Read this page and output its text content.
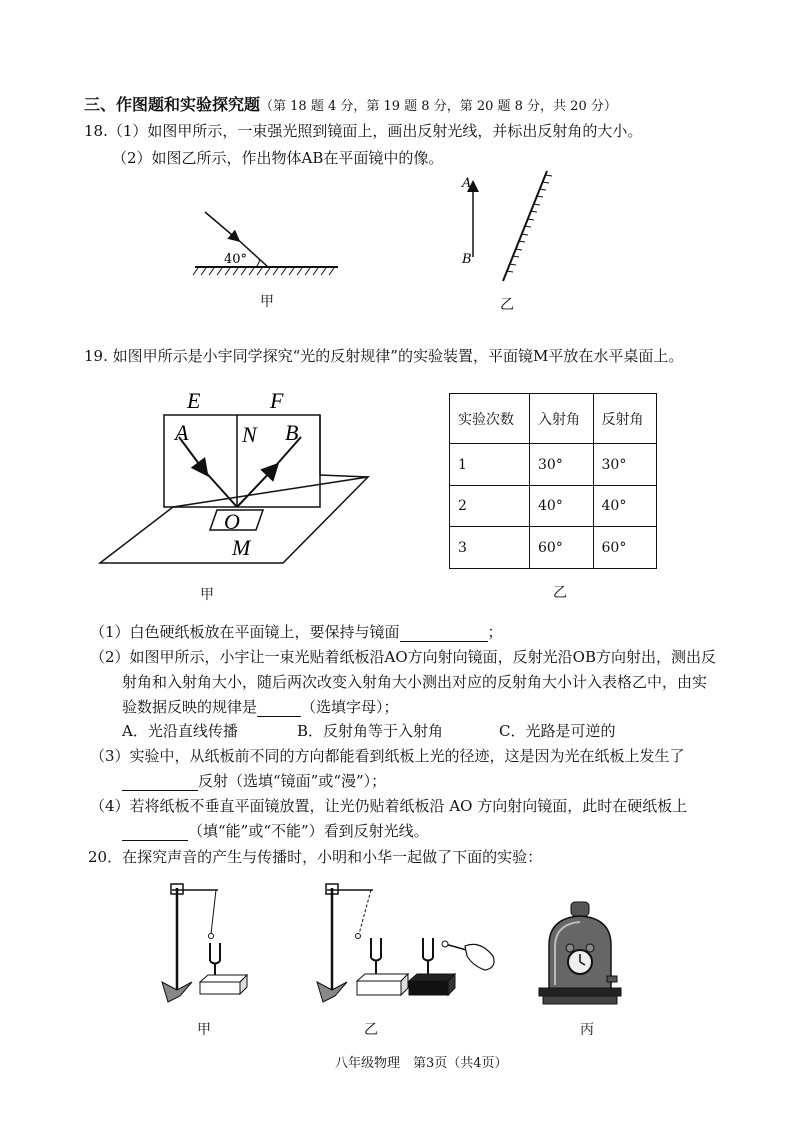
三、作图题和实验探究题（第 18 题 4 分，第 19 题 8 分，第 20 题 8 分，共 20 分）
18.（1）如图甲所示，一束强光照到镜面上，画出反射光线，并标出反射角的大小。
（2）如图乙所示，作出物体AB在平面镜中的像。
40°
甲
A
B
乙
19. 如图甲所示是小宇同学探究“光的反射规律”的实验装置，平面镜M平放在水平桌面上。
E	F
A N B
O
M
甲
实验次数	入射角	反射角
1	30°	30°
2	40°	40°
3	60°	60°
乙
（1）白色硬纸板放在平面镜上，要保持与镜面	；
（2）如图甲所示，小宇让一束光贴着纸板沿AO方向射向镜面，反射光沿OB方向射出，测出反
射角和入射角大小，随后两次改变入射角大小测出对应的反射角大小计入表格乙中，由实
验数据反映的规律是	（选填字母）；
A．光沿直线传播	B．反射角等于入射角	C．光路是可逆的
（3）实验中，从纸板前不同的方向都能看到纸板上光的径迹，这是因为光在纸板上发生了
反射（选填“镜面”或“漫”）；
（4）若将纸板不垂直平面镜放置，让光仍贴着纸板沿 AO 方向射向镜面，此时在硬纸板上
（填“能”或“不能”）看到反射光线。
20．在探究声音的产生与传播时，小明和小华一起做了下面的实验：
甲	乙	丙
八年级物理　第3页（共4页）
